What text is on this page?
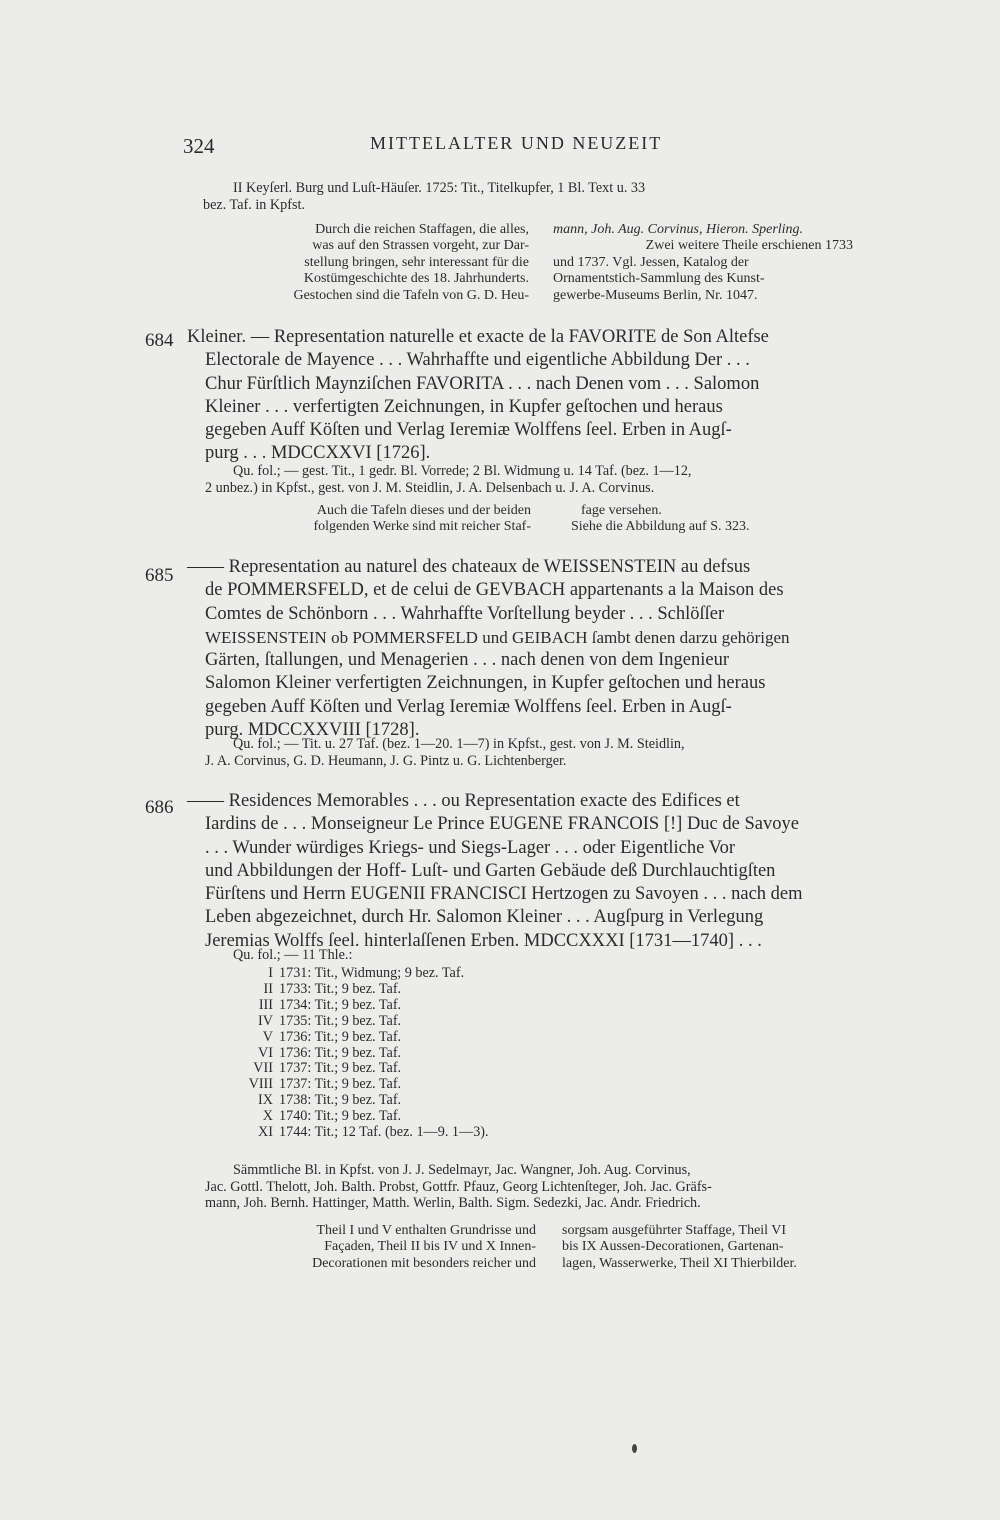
324	MITTELALTER UND NEUZEIT
II Keyſerl. Burg und Luſt-Häuſer. 1725: Tit., Titelkupfer, 1 Bl. Text u. 33
bez. Taf. in Kpfst.
Durch die reichen Staffagen, die alles,
was auf den Strassen vorgeht, zur Dar-
stellung bringen, sehr interessant für die
Kostümgeschichte des 18. Jahrhunderts.
Gestochen sind die Tafeln von G. D. Heu-
mann, Joh. Aug. Corvinus, Hieron. Sperling.
Zwei weitere Theile erschienen 1733
und 1737. Vgl. Jessen, Katalog der
Ornamentstich-Sammlung des Kunst-
gewerbe-Museums Berlin, Nr. 1047.
684 Kleiner. — Representation naturelle et exacte de la FAVORITE de Son Altefse
Electorale de Mayence . . . Wahrhaffte und eigentliche Abbildung Der . . .
Chur Fürſtlich Maynziſchen FAVORITA . . . nach Denen vom . . . Salomon
Kleiner . . . verfertigten Zeichnungen, in Kupfer geſtochen und heraus
gegeben Auff Köſten und Verlag Ieremiæ Wolffens ſeel. Erben in Augſ-
purg . . . MDCCXXVI [1726].
Qu. fol.; — gest. Tit., 1 gedr. Bl. Vorrede; 2 Bl. Widmung u. 14 Taf. (bez. 1—12,
2 unbez.) in Kpfst., gest. von J. M. Steidlin, J. A. Delsenbach u. J. A. Corvinus.
Auch die Tafeln dieses und der beiden
folgenden Werke sind mit reicher Staf-
fage versehen.
Siehe die Abbildung auf S. 323.
685 —— Representation au naturel des chateaux de WEISSENSTEIN au defsus
de POMMERSFELD, et de celui de GEVBACH appartenants a la Maison des
Comtes de Schönborn . . . Wahrhaffte Vorſtellung beyder . . . Schlöſſer
WEISSENSTEIN ob POMMERSFELD und GEIBACH ſambt denen darzu gehörigen
Gärten, ſtallungen, und Menagerien . . . nach denen von dem Ingenieur
Salomon Kleiner verfertigten Zeichnungen, in Kupfer geſtochen und heraus
gegeben Auff Köſten und Verlag Ieremiæ Wolffens ſeel. Erben in Augſ-
purg. MDCCXXVIII [1728].
Qu. fol.; — Tit. u. 27 Taf. (bez. 1—20. 1—7) in Kpfst., gest. von J. M. Steidlin,
J. A. Corvinus, G. D. Heumann, J. G. Pintz u. G. Lichtenberger.
686 —— Residences Memorables . . . ou Representation exacte des Edifices et
Iardins de . . . Monseigneur Le Prince EUGENE FRANCOIS [!] Duc de Savoye
. . . Wunder würdiges Kriegs- und Siegs-Lager . . . oder Eigentliche Vor
und Abbildungen der Hoff- Luſt- und Garten Gebäude deß Durchlauchtigſten
Fürſtens und Herrn EUGENII FRANCISCI Hertzogen zu Savoyen . . . nach dem
Leben abgezeichnet, durch Hr. Salomon Kleiner . . . Augſpurg in Verlegung
Jeremias Wolffs ſeel. hinterlaſſenen Erben. MDCCXXXI [1731—1740] . . .
Qu. fol.; — 11 Thle.:
I 1731: Tit., Widmung; 9 bez. Taf.
II 1733: Tit.; 9 bez. Taf.
III 1734: Tit.; 9 bez. Taf.
IV 1735: Tit.; 9 bez. Taf.
V 1736: Tit.; 9 bez. Taf.
VI 1736: Tit.; 9 bez. Taf.
VII 1737: Tit.; 9 bez. Taf.
VIII 1737: Tit.; 9 bez. Taf.
IX 1738: Tit.; 9 bez. Taf.
X 1740: Tit.; 9 bez. Taf.
XI 1744: Tit.; 12 Taf. (bez. 1—9. 1—3).
Sämmtliche Bl. in Kpfst. von J. J. Sedelmayr, Jac. Wangner, Joh. Aug. Corvinus,
Jac. Gottl. Thelott, Joh. Balth. Probst, Gottfr. Pfauz, Georg Lichtenſteger, Joh. Jac. Gräfs-
mann, Joh. Bernh. Hattinger, Matth. Werlin, Balth. Sigm. Sedezki, Jac. Andr. Friedrich.
Theil I und V enthalten Grundrisse und
Façaden, Theil II bis IV und X Innen-
Decorationen mit besonders reicher und
sorgsam ausgeführter Staffage, Theil VI
bis IX Aussen-Decorationen, Gartenan-
lagen, Wasserwerke, Theil XI Thierbilder.
